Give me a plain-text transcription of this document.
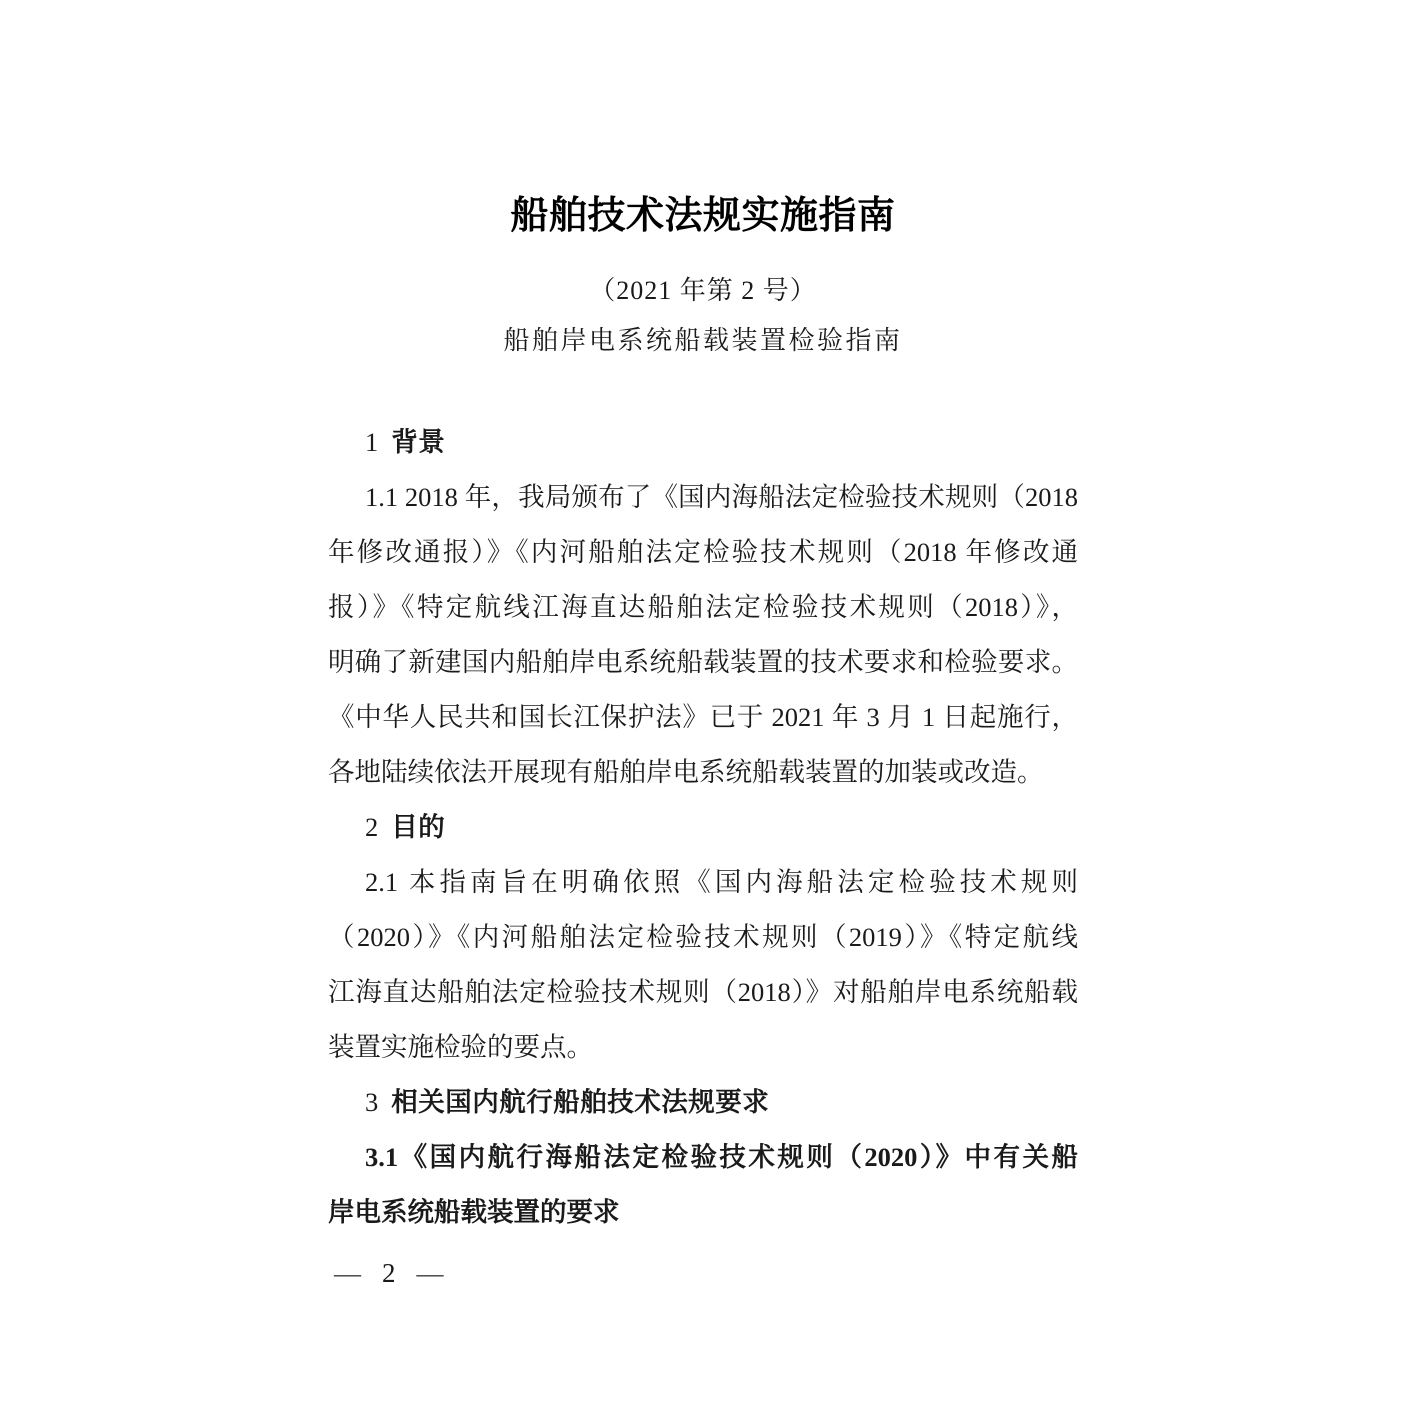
船舶技术法规实施指南
（2021 年第 2 号）
船舶岸电系统船载装置检验指南
1 背景
1.1 2018 年，我局颁布了《国内海船法定检验技术规则（2018
年修改通报）》《内河船舶法定检验技术规则（2018 年修改通
报）》《特定航线江海直达船舶法定检验技术规则（2018）》，
明确了新建国内船舶岸电系统船载装置的技术要求和检验要求。
《中华人民共和国长江保护法》已于 2021 年 3 月 1 日起施行，
各地陆续依法开展现有船舶岸电系统船载装置的加装或改造。
2 目的
2.1 本指南旨在明确依照《国内海船法定检验技术规则
（2020）》《内河船舶法定检验技术规则（2019）》《特定航线
江海直达船舶法定检验技术规则（2018）》对船舶岸电系统船载
装置实施检验的要点。
3 相关国内航行船舶技术法规要求
3.1《国内航行海船法定检验技术规则（2020）》中有关船
岸电系统船载装置的要求
— 2 —
